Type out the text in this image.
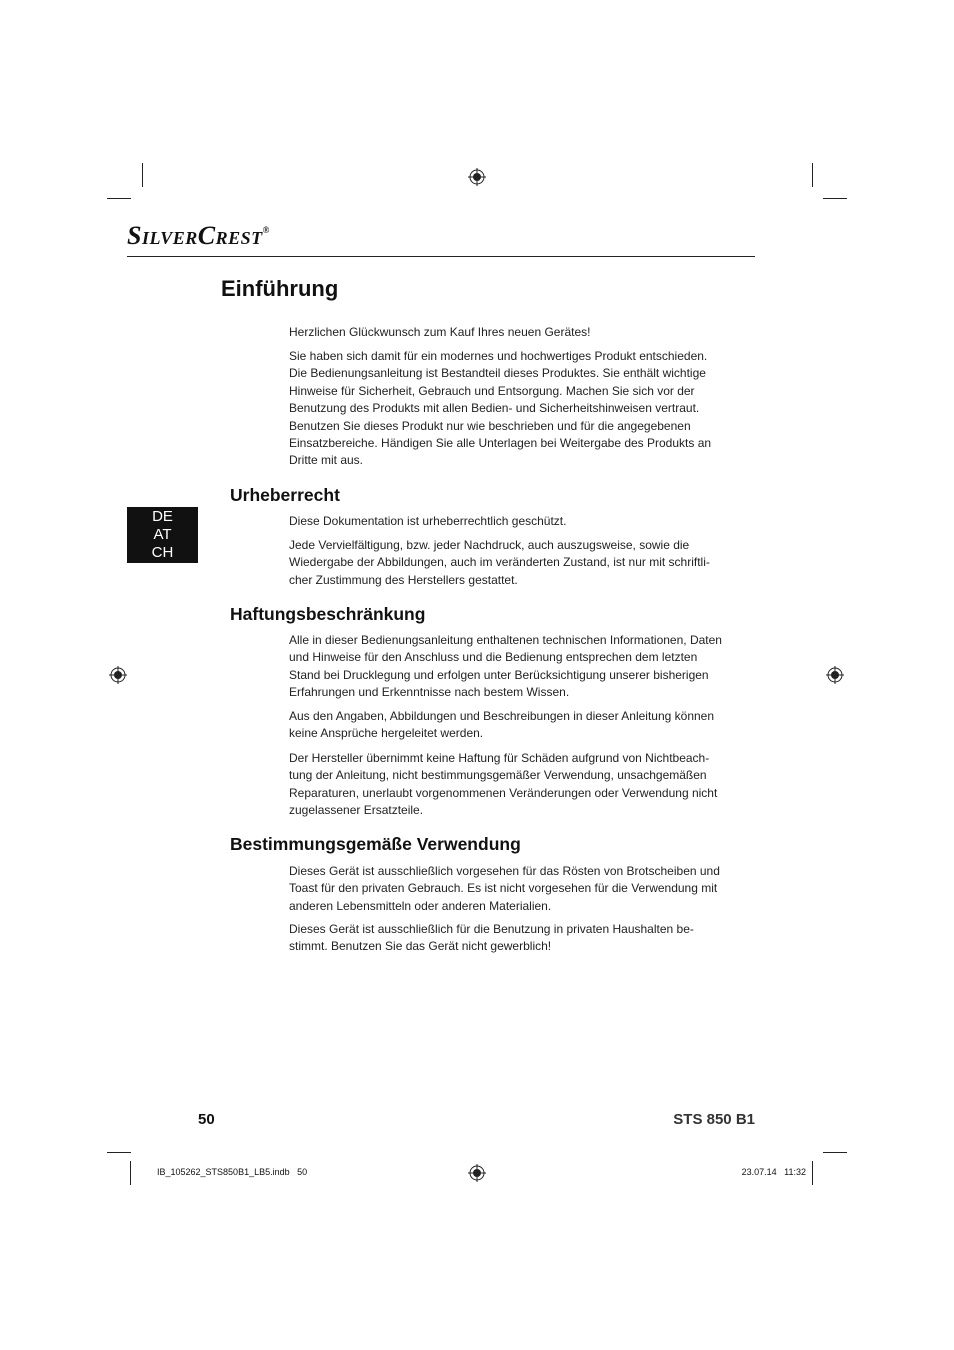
SilverCrest®
Einführung

Herzlichen Glückwunsch zum Kauf Ihres neuen Gerätes!

Sie haben sich damit für ein modernes und hochwertiges Produkt entschieden.
Die Bedienungsanleitung ist Bestandteil dieses Produktes. Sie enthält wichtige
Hinweise für Sicherheit, Gebrauch und Entsorgung. Machen Sie sich vor der
Benutzung des Produkts mit allen Bedien- und Sicherheitshinweisen vertraut.
Benutzen Sie dieses Produkt nur wie beschrieben und für die angegebenen
Einsatzbereiche. Händigen Sie alle Unterlagen bei Weitergabe des Produkts an
Dritte mit aus.
DE
AT
CH
Urheberrecht

Diese Dokumentation ist urheberrechtlich geschützt.

Jede Vervielfältigung, bzw. jeder Nachdruck, auch auszugsweise, sowie die
Wiedergabe der Abbildungen, auch im veränderten Zustand, ist nur mit schriftli-
cher Zustimmung des Herstellers gestattet.
Haftungsbeschränkung
Alle in dieser Bedienungsanleitung enthaltenen technischen Informationen, Daten
und Hinweise für den Anschluss und die Bedienung entsprechen dem letzten
Stand bei Drucklegung und erfolgen unter Berücksichtigung unserer bisherigen
Erfahrungen und Erkenntnisse nach bestem Wissen.
Aus den Angaben, Abbildungen und Beschreibungen in dieser Anleitung können
keine Ansprüche hergeleitet werden.
Der Hersteller übernimmt keine Haftung für Schäden aufgrund von Nichtbeach-
tung der Anleitung, nicht bestimmungsgemäßer Verwendung, unsachgemäßen
Reparaturen, unerlaubt vorgenommenen Veränderungen oder Verwendung nicht
zugelassener Ersatzteile.
Bestimmungsgemäße Verwendung
Dieses Gerät ist ausschließlich vorgesehen für das Rösten von Brotscheiben und
Toast für den privaten Gebrauch. Es ist nicht vorgesehen für die Verwendung mit
anderen Lebensmitteln oder anderen Materialien.
Dieses Gerät ist ausschließlich für die Benutzung in privaten Haushalten be-
stimmt. Benutzen Sie das Gerät nicht gewerblich!
50	STS 850 B1
IB_105262_STS850B1_LB5.indb   50	23.07.14   11:32
